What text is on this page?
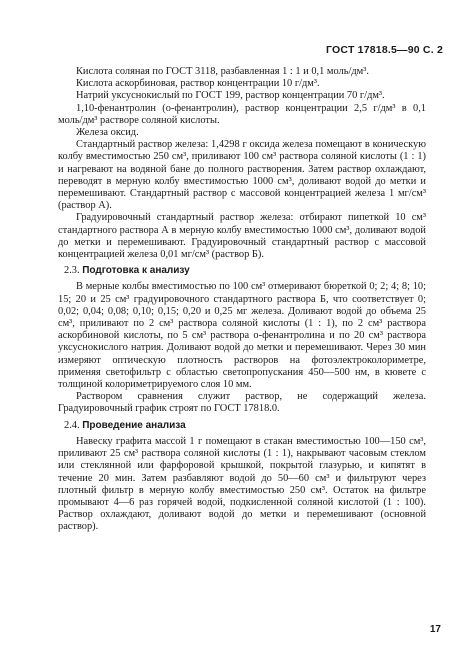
ГОСТ 17818.5—90 С. 2

Кислота соляная по ГОСТ 3118, разбавленная 1 : 1 и 0,1 моль/дм³.

Кислота аскорбиновая, раствор концентрации 10 г/дм³.

Натрий уксуснокислый по ГОСТ 199, раствор концентрации 70 г/дм³.

1,10-фенантролин (о-фенантролин), раствор концентрации 2,5 г/дм³ в 0,1 моль/дм³ растворе соляной кислоты.

Железа оксид.

Стандартный раствор железа: 1,4298 г оксида железа помещают в коническую колбу вместимостью 250 см³, приливают 100 см³ раствора соляной кислоты (1 : 1) и нагревают на водяной бане до полного растворения. Затем раствор охлаждают, переводят в мерную колбу вместимостью 1000 см³, доливают водой до метки и перемешивают. Стандартный раствор с массовой концентрацией железа 1 мг/см³ (раствор А).

Градуировочный стандартный раствор железа: отбирают пипеткой 10 см³ стандартного раствора А в мерную колбу вместимостью 1000 см³, доливают водой до метки и перемешивают. Градуировочный стандартный раствор с массовой концентрацией железа 0,01 мг/см³ (раствор Б).

2.3. Подготовка к анализу

В мерные колбы вместимостью по 100 см³ отмеривают бюреткой 0; 2; 4; 8; 10; 15; 20 и 25 см³ градуировочного стандартного раствора Б, что соответствует 0; 0,02; 0,04; 0,08; 0,10; 0,15; 0,20 и 0,25 мг железа. Доливают водой до объема 25 см³, приливают по 2 см³ раствора соляной кислоты (1 : 1), по 2 см³ раствора аскорбиновой кислоты, по 5 см³ раствора о-фенантролина и по 20 см³ раствора уксуснокислого натрия. Доливают водой до метки и перемешивают. Через 30 мин измеряют оптическую плотность растворов на фотоэлектроколориметре, применяя светофильтр с областью светопропускания 450—500 нм, в кювете с толщиной колориметрируемого слоя 10 мм.

Раствором сравнения служит раствор, не содержащий железа. Градуировочный график строят по ГОСТ 17818.0.

2.4. Проведение анализа

Навеску графита массой 1 г помещают в стакан вместимостью 100—150 см³, приливают 25 см³ раствора соляной кислоты (1 : 1), накрывают часовым стеклом или стеклянной или фарфоровой крышкой, покрытой глазурью, и кипятят в течение 20 мин. Затем разбавляют водой до 50—60 см³ и фильтруют через плотный фильтр в мерную колбу вместимостью 250 см³. Остаток на фильтре промывают 4—6 раз горячей водой, подкисленной соляной кислотой (1 : 100). Раствор охлаждают, доливают водой до метки и перемешивают (основной раствор).

17
